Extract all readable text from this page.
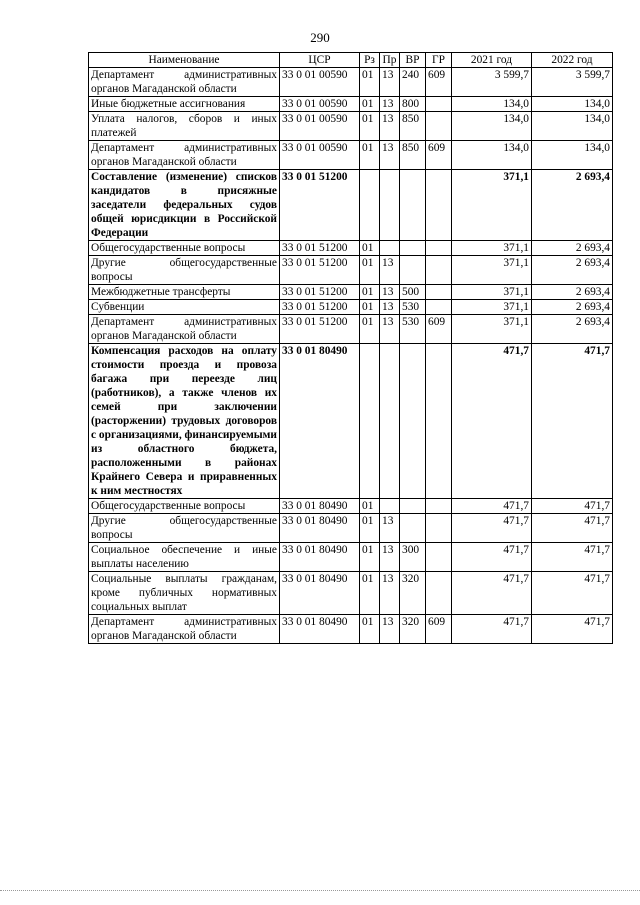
290
Наименование	ЦСР	Рз	Пр	ВР	ГР	2021 год	2022 год
Департамент административных органов Магаданской области	33 0 01 00590	01	13	240	609	3 599,7	3 599,7
Иные бюджетные ассигнования	33 0 01 00590	01	13	800		134,0	134,0
Уплата налогов, сборов и иных платежей	33 0 01 00590	01	13	850		134,0	134,0
Департамент административных органов Магаданской области	33 0 01 00590	01	13	850	609	134,0	134,0
Составление (изменение) списков кандидатов в присяжные заседатели федеральных судов общей юрисдикции в Российской Федерации	33 0 01 51200					371,1	2 693,4
Общегосударственные вопросы	33 0 01 51200	01				371,1	2 693,4
Другие общегосударственные вопросы	33 0 01 51200	01	13			371,1	2 693,4
Межбюджетные трансферты	33 0 01 51200	01	13	500		371,1	2 693,4
Субвенции	33 0 01 51200	01	13	530		371,1	2 693,4
Департамент административных органов Магаданской области	33 0 01 51200	01	13	530	609	371,1	2 693,4
Компенсация расходов на оплату стоимости проезда и провоза багажа при переезде лиц (работников), а также членов их семей при заключении (расторжении) трудовых договоров с организациями, финансируемыми из областного бюджета, расположенными в районах Крайнего Севера и приравненных к ним местностях	33 0 01 80490					471,7	471,7
Общегосударственные вопросы	33 0 01 80490	01				471,7	471,7
Другие общегосударственные вопросы	33 0 01 80490	01	13			471,7	471,7
Социальное обеспечение и иные выплаты населению	33 0 01 80490	01	13	300		471,7	471,7
Социальные выплаты гражданам, кроме публичных нормативных социальных выплат	33 0 01 80490	01	13	320		471,7	471,7
Департамент административных органов Магаданской области	33 0 01 80490	01	13	320	609	471,7	471,7
